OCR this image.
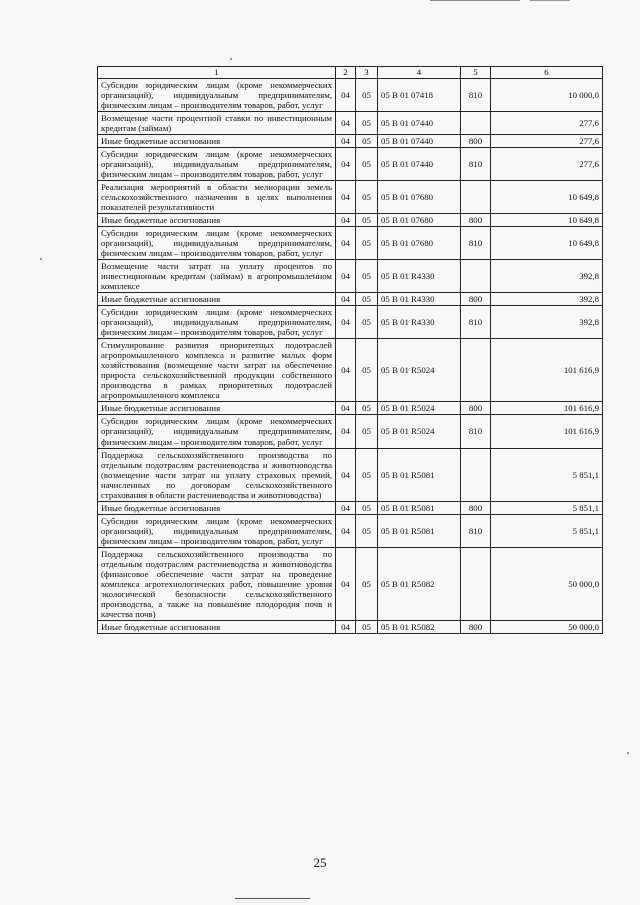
1	2	3	4	5	6
Субсидии юридическим лицам (кроме некоммерческих организаций), индивидуальным предпринимателям, физическим лицам – производителям товаров, работ, услуг	04	05	05 В 01 07418	810	10 000,0
Возмещение части процентной ставки по инвестиционным кредитам (займам)	04	05	05 В 01 07440		277,6
Иные бюджетные ассигнования	04	05	05 В 01 07440	800	277,6
Субсидии юридическим лицам (кроме некоммерческих организаций), индивидуальным предпринимателям, физическим лицам – производителям товаров, работ, услуг	04	05	05 В 01 07440	810	277,6
Реализация мероприятий в области мелиорации земель сельскохозяйственного назначения в целях выполнения показателей результативности	04	05	05 В 01 07680		10 649,8
Иные бюджетные ассигнования	04	05	05 В 01 07680	800	10 649,8
Субсидии юридическим лицам (кроме некоммерческих организаций), индивидуальным предпринимателям, физическим лицам – производителям товаров, работ, услуг	04	05	05 В 01 07680	810	10 649,8
Возмещение части затрат на уплату процентов по инвестиционным кредитам (займам) в агропромышленном комплексе	04	05	05 В 01 R4330		392,8
Иные бюджетные ассигнования	04	05	05 В 01 R4330	800	392,8
Субсидии юридическим лицам (кроме некоммерческих организаций), индивидуальным предпринимателям, физическим лицам – производителям товаров, работ, услуг	04	05	05 В 01 R4330	810	392,8
Стимулирование развития приоритетных подотраслей агропромышленного комплекса и развитие малых форм хозяйствования (возмещение части затрат на обеспечение прироста сельскохозяйственной продукции собственного производства в рамках приоритетных подотраслей агропромышленного комплекса	04	05	05 В 01 R5024		101 616,9
Иные бюджетные ассигнования	04	05	05 В 01 R5024	800	101 616,9
Субсидии юридическим лицам (кроме некоммерческих организаций), индивидуальным предпринимателям, физическим лицам – производителям товаров, работ, услуг	04	05	05 В 01 R5024	810	101 616,9
Поддержка сельскохозяйственного производства по отдельным подотраслям растениеводства и животноводства (возмещение части затрат на уплату страховых премий, начисленных по договорам сельскохозяйственного страхования в области растениеводства и животноводства)	04	05	05 В 01 R5081		5 851,1
Иные бюджетные ассигнования	04	05	05 В 01 R5081	800	5 851,1
Субсидии юридическим лицам (кроме некоммерческих организаций), индивидуальным предпринимателям, физическим лицам – производителям товаров, работ, услуг	04	05	05 В 01 R5081	810	5 851,1
Поддержка сельскохозяйственного производства по отдельным подотраслям растениеводства и животноводства (финансовое обеспечение части затрат на проведение комплекса агротехнологических работ, повышение уровня экологической безопасности сельскохозяйственного производства, а также на повышение плодородия почв и качества почв)	04	05	05 В 01 R5082		50 000,0
Иные бюджетные ассигнования	04	05	05 В 01 R5082	800	50 000,0
25
